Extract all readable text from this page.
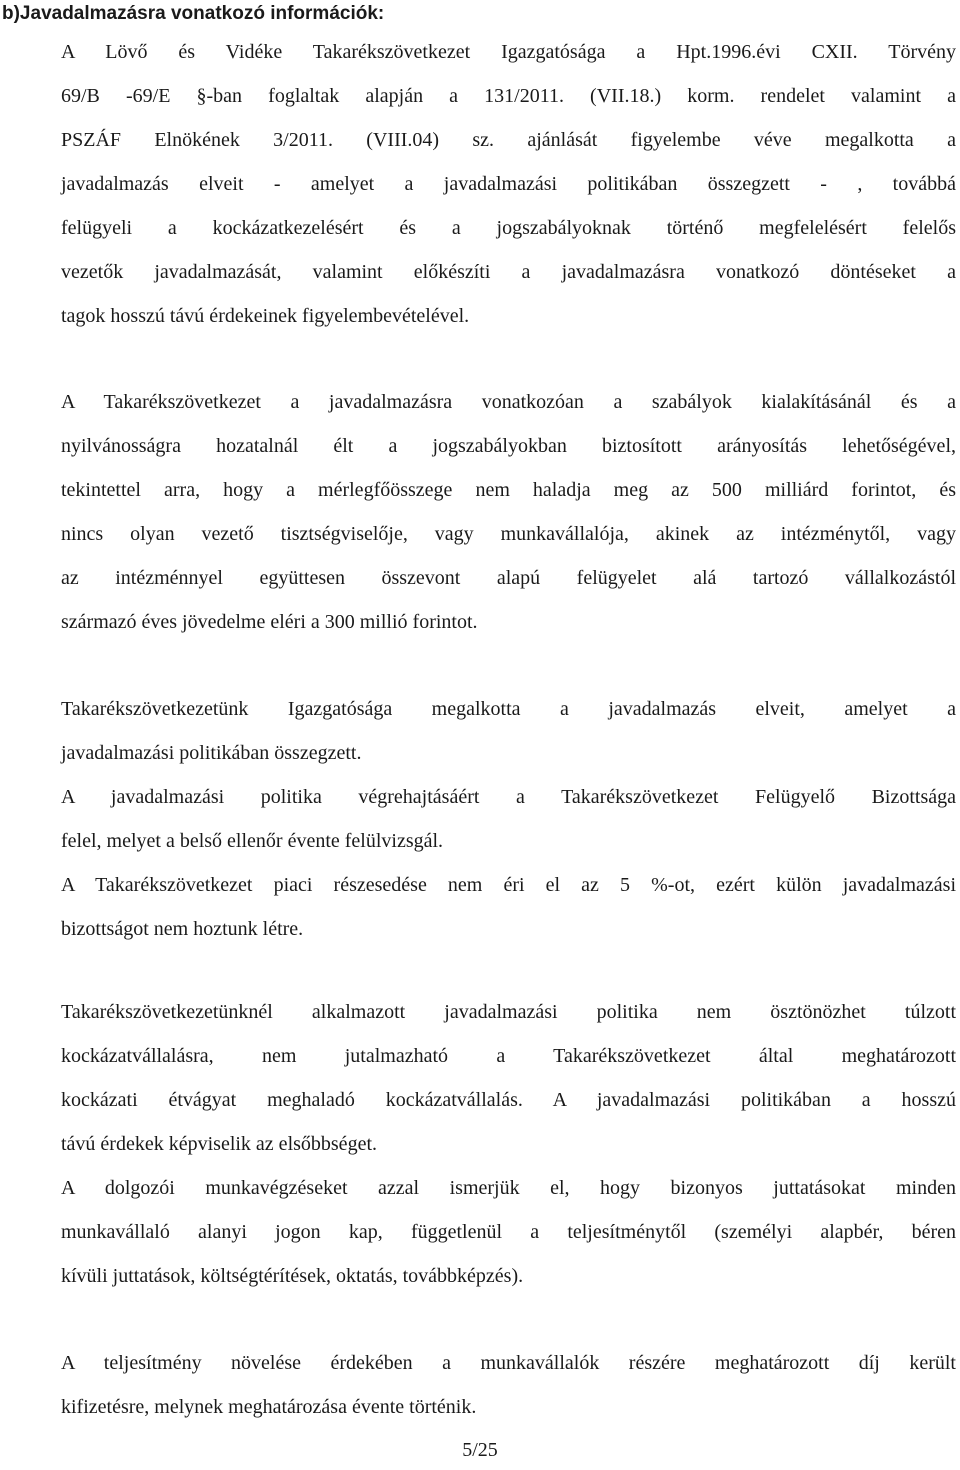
b)Javadalmazásra vonatkozó információk:
A Lövő és Vidéke Takarékszövetkezet Igazgatósága a Hpt.1996.évi CXII. Törvény
69/B -69/E §-ban foglaltak alapján a 131/2011. (VII.18.) korm. rendelet valamint a
PSZÁF Elnökének 3/2011. (VIII.04) sz. ajánlását figyelembe véve megalkotta a
javadalmazás elveit - amelyet a javadalmazási politikában összegzett - , továbbá
felügyeli a kockázatkezelésért és a jogszabályoknak történő megfelelésért felelős
vezetők javadalmazását, valamint előkészíti a javadalmazásra vonatkozó döntéseket a
tagok hosszú távú érdekeinek figyelembevételével.
A Takarékszövetkezet a javadalmazásra vonatkozóan a szabályok kialakításánál és a
nyilvánosságra hozatalnál élt a jogszabályokban biztosított arányosítás lehetőségével,
tekintettel arra, hogy a mérlegfőösszege nem haladja meg az 500 milliárd forintot, és
nincs olyan vezető tisztségviselője, vagy munkavállalója, akinek az intézménytől, vagy
az intézménnyel együttesen összevont alapú felügyelet alá tartozó vállalkozástól
származó éves jövedelme eléri a 300 millió forintot.
Takarékszövetkezetünk Igazgatósága megalkotta a javadalmazás elveit, amelyet a
javadalmazási politikában összegzett.
A javadalmazási politika végrehajtásáért a Takarékszövetkezet Felügyelő Bizottsága
felel, melyet a belső ellenőr évente felülvizsgál.
A Takarékszövetkezet piaci részesedése nem éri el az 5 %-ot, ezért külön javadalmazási
bizottságot nem hoztunk létre.
Takarékszövetkezetünknél alkalmazott javadalmazási politika nem ösztönözhet túlzott
kockázatvállalásra, nem jutalmazható a Takarékszövetkezet által meghatározott
kockázati étvágyat meghaladó kockázatvállalás. A javadalmazási politikában a hosszú
távú érdekek képviselik az elsőbbséget.
A dolgozói munkavégzéseket azzal ismerjük el, hogy bizonyos juttatásokat minden
munkavállaló alanyi jogon kap, függetlenül a teljesítménytől (személyi alapbér, béren
kívüli juttatások, költségtérítések, oktatás, továbbképzés).
A teljesítmény növelése érdekében a munkavállalók részére meghatározott díj került
kifizetésre, melynek meghatározása évente történik.
5/25
